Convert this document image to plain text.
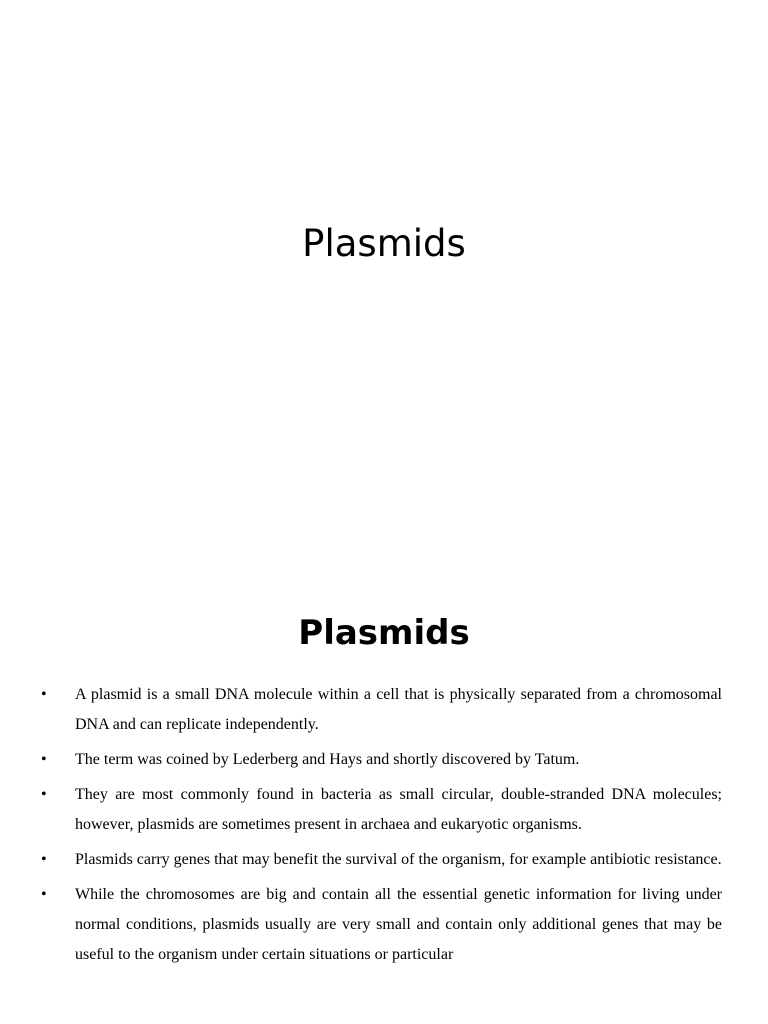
Plasmids
Plasmids
•	A plasmid is a small DNA molecule within a cell that is physically separated from a chromosomal DNA and can replicate independently.
•	The term was coined by Lederberg and Hays and shortly discovered by Tatum.
•	They are most commonly found in bacteria as small circular, double-stranded DNA molecules; however, plasmids are sometimes present in archaea and eukaryotic organisms.
•	Plasmids carry genes that may benefit the survival of the organism, for example antibiotic resistance.
•	While the chromosomes are big and contain all the essential genetic information for living under normal conditions, plasmids usually are very small and contain only additional genes that may be useful to the organism under certain situations or particular
